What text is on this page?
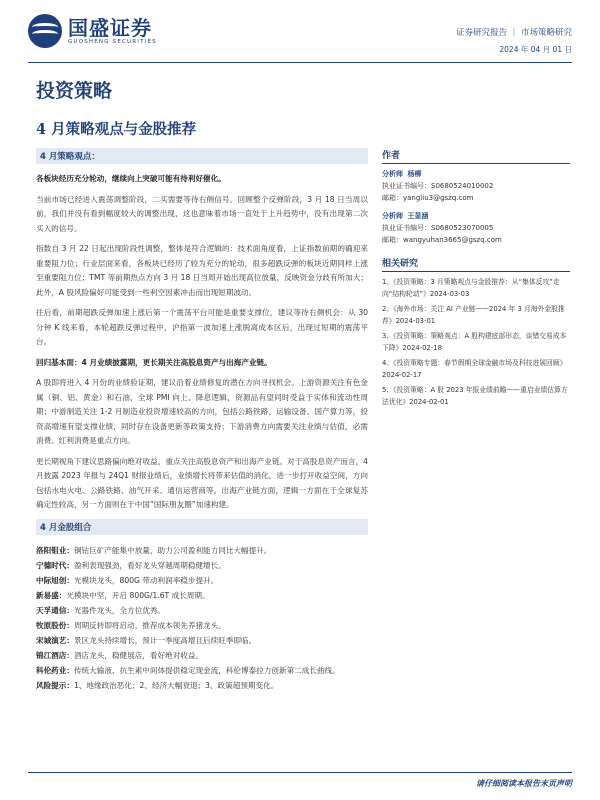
国盛证券
GUOSHENG SECURITIES
证券研究报告 ｜ 市场策略研究
2024 年 04 月 01 日
投资策略
4 月策略观点与金股推荐
4 月策略观点：
各板块经历充分轮动，继续向上突破可能有待利好催化。
当前市场已经进入震荡调整阶段，二买需要等待右侧信号。回顾整个反弹阶段，3 月 18 日当周以前，我们并没有看到幅度较大的调整出现，这也意味着市场一直处于上升趋势中，没有出现第二次买入的信号。
指数自 3 月 22 日起出现阶段性调整，整体是符合逻辑的：技术面角度看，上证指数前期的确迎来重要阻力位；行业层面来看，各板块已经历了较为充分的轮动，很多超跌反弹的板块近期同样上涨至重要阻力位；TMT 等前期热点方向 3 月 18 日当周开始出现高位放量，反映资金分歧有所加大；此外，A 股风险偏好可能受到一些利空因素冲击而出现短期波动。
往后看，前期超跌反弹加速上涨后第一个震荡平台可能是重要支撑位，建议等待右侧机会：从 30 分钟 K 线来看，本轮超跌反弹过程中，沪指第一波加速上涨脱离成本区后，出现过短期的震荡平台。
回归基本面：4 月业绩披露期，更长期关注高股息资产与出海产业链。
A 股即将进入 4 月份的业绩验证期，建议沿着业绩修复的潜在方向寻找机会。上游资源关注有色金属（铜、铝、黄金）和石油，全球 PMI 向上、降息逻辑，资源品有望同时受益于实体和流动性周期；中游制造关注 1-2 月制造业投资增速较高的方向，包括公路铁路、运输设备、国产算力等，投资高增速有望支撑业绩，同时存在设备更新等政策支持；下游消费方向需要关注业绩与估值，必需消费、红利消费是重点方向。
更长期视角下建议思路偏向绝对收益，重点关注高股息资产和出海产业链。对于高股息资产而言，4 月披露 2023 年报与 24Q1 财报业绩后，业绩增长将带来估值的消化，进一步打开收益空间，方向包括水电火电、公路铁路、油气开采、通信运营商等。出海产业链方面，逻辑一方面在于全球复苏确定性较高，另一方面则在于中国“国际朋友圈”加速构建。
4 月金股组合
洛阳钼业：铜钴巨矿产能集中放量，助力公司盈利能力同比大幅提升。
宁德时代：盈利表现强劲，看好龙头穿越周期稳健增长。
中际旭创：光模块龙头，800G 带动利润率稳步提升。
新易盛：光模块中坚，开启 800G/1.6T 成长周期。
天孚通信：光器件龙头，全方位优秀。
牧原股份：周期反转即将启动，推荐成本领先养猪龙头。
宋城演艺：景区龙头持续增长，预计一季度高增且后续旺季即临。
锦江酒店：酒店龙头，稳健展店，看好绝对收益。
科伦药业：传统大输液、抗生素中间体提供稳定现金流，科伦博泰拉力创新第二成长曲线。
风险提示：1、地缘政治恶化；2、经济大幅衰退；3、政策超预期变化。
作者
分析师 杨柳
执业证书编号：S0680524010002
邮箱：yangliu3@gszq.com
分析师 王显涵
执业证书编号：S0680523070005
邮箱：wangyuhan3665@gszq.com
相关研究
1、《投资策略：3 月策略观点与金股推荐：从“集体反攻”走向“结构轮动”》2024-03-03
2、《海外市场：关注 AI 产业链——2024 年 3 月海外金股推荐》2024-03-01
3、《投资策略：策略观点：A 股构建底部形态，谈错交易成本下降》2024-02-18
4、《投资策略专题：春节假期全球金融市场及科技进展回顾》2024-02-17
5、《投资策略：A 股 2023 年报业绩前瞻——重启业绩估算方法优化》2024-02-01
请仔细阅读本报告末页声明
